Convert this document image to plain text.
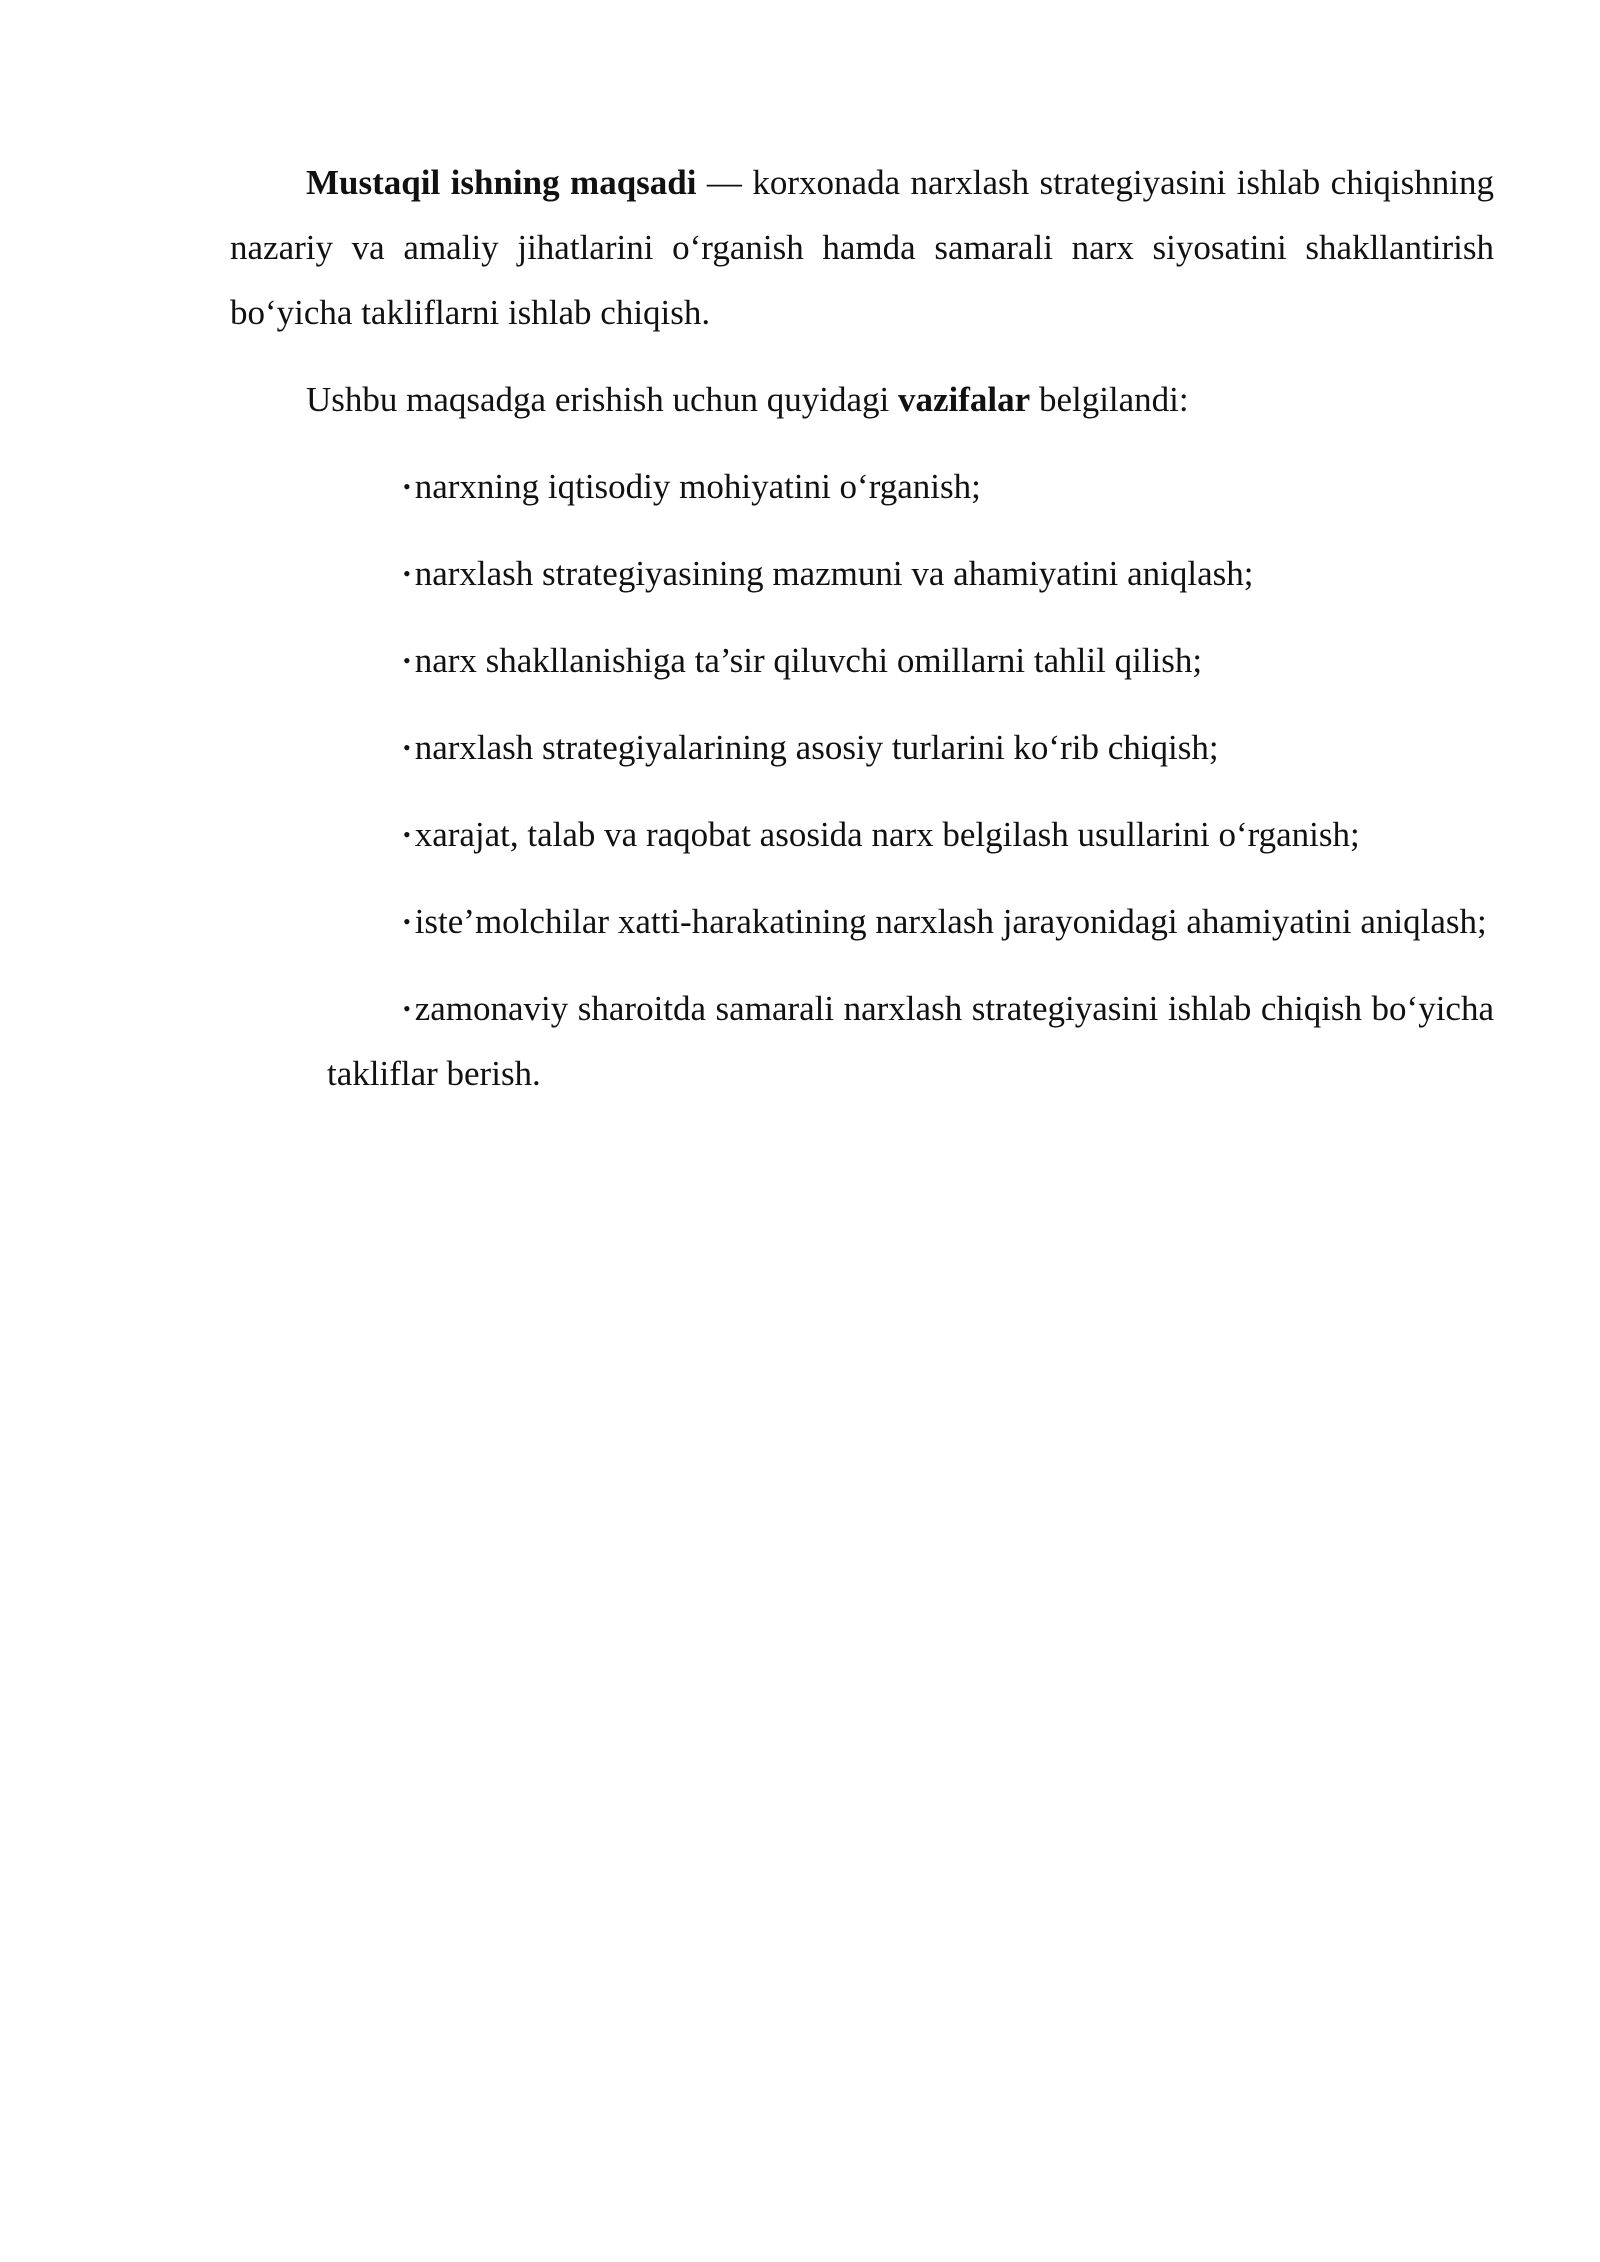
Mustaqil ishning maqsadi — korxonada narxlash strategiyasini ishlab chiqishning nazariy va amaliy jihatlarini o‘rganish hamda samarali narx siyosatini shakllantirish bo‘yicha takliflarni ishlab chiqish.

Ushbu maqsadga erishish uchun quyidagi vazifalar belgilandi:

• narxning iqtisodiy mohiyatini o‘rganish;
• narxlash strategiyasining mazmuni va ahamiyatini aniqlash;
• narx shakllanishiga ta’sir qiluvchi omillarni tahlil qilish;
• narxlash strategiyalarining asosiy turlarini ko‘rib chiqish;
• xarajat, talab va raqobat asosida narx belgilash usullarini o‘rganish;
• iste’molchilar xatti-harakatining narxlash jarayonidagi ahamiyatini aniqlash;
• zamonaviy sharoitda samarali narxlash strategiyasini ishlab chiqish bo‘yicha takliflar berish.
